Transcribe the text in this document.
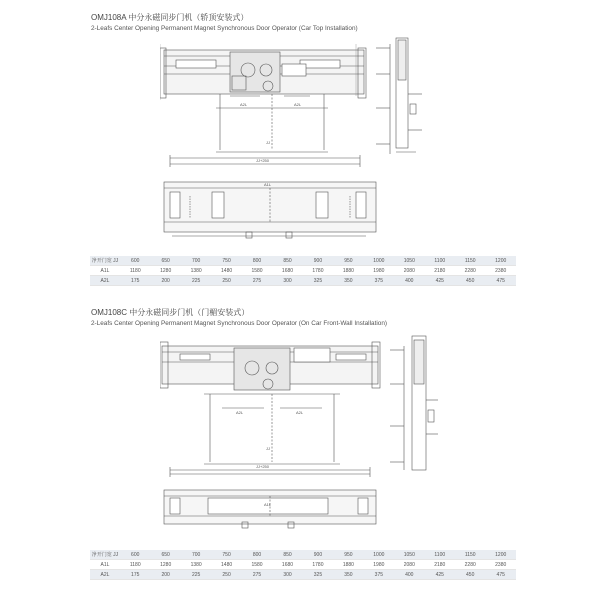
OMJ108A 中分永磁同步门机（轿顶安装式）
2-Leafs Center Opening Permanent Magnet Synchronous Door Operator (Car Top Installation)
A2L	A2L
JJ
JJ+250
A1L
净开门宽 JJ	600	650	700	750	800	850	900	950	1000	1050	1100	1150	1200
A1L	1180	1280	1380	1480	1580	1680	1780	1880	1980	2080	2180	2280	2380
A2L	175	200	225	250	275	300	325	350	375	400	425	450	475
OMJ108C 中分永磁同步门机（门楣安装式）
2-Leafs Center Opening Permanent Magnet Synchronous Door Operator (On Car Front-Wall Installation)
A2L	A2L
JJ
JJ+250
A1L
净开门宽 JJ	600	650	700	750	800	850	900	950	1000	1050	1100	1150	1200
A1L	1180	1280	1380	1480	1580	1680	1780	1880	1980	2080	2180	2280	2380
A2L	175	200	225	250	275	300	325	350	375	400	425	450	475
